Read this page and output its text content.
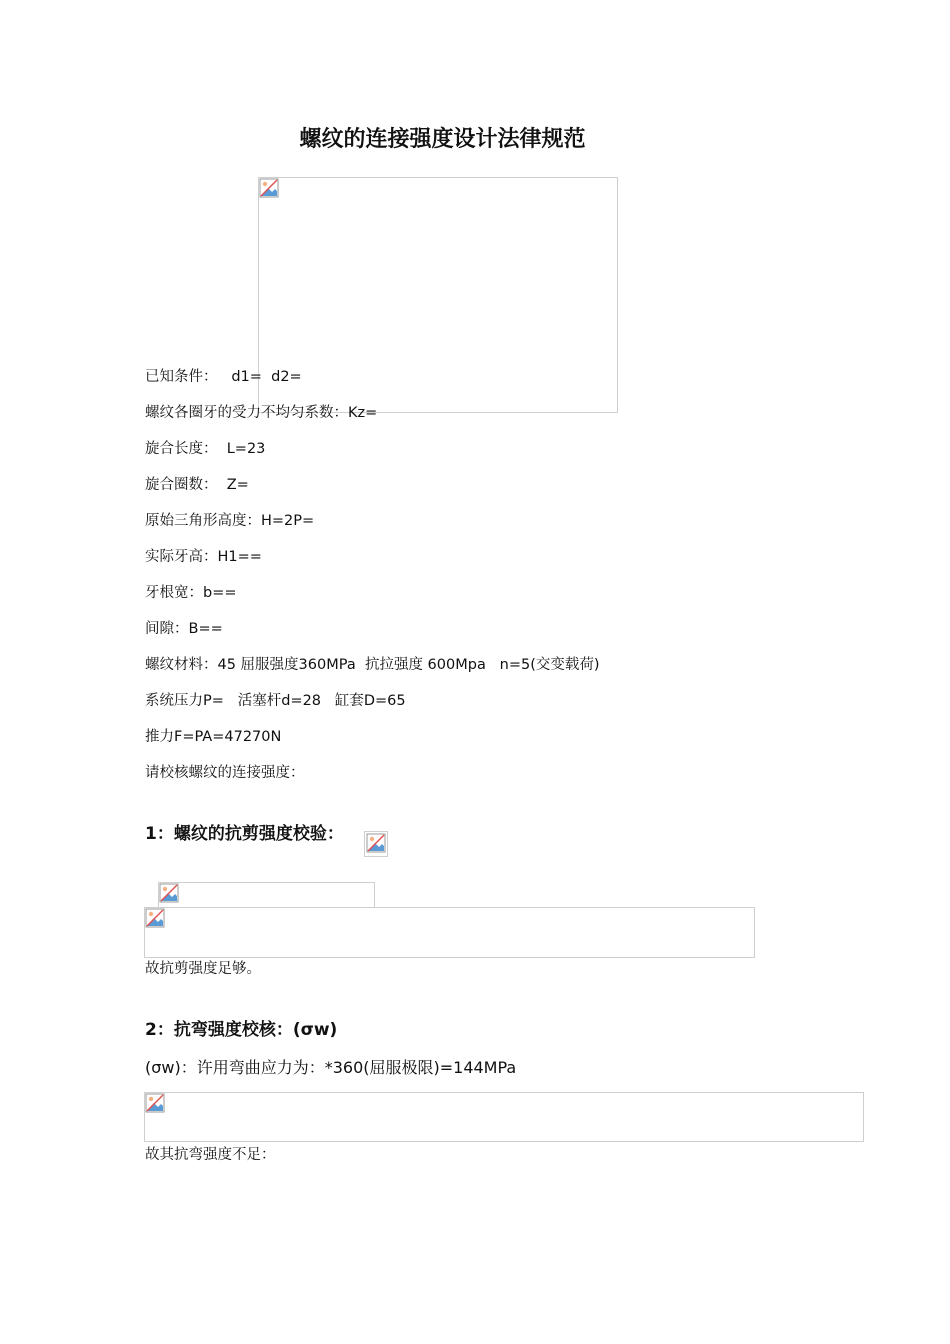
螺纹的连接强度设计法律规范
已知条件：   d1=  d2=
螺纹各圈牙的受力不均匀系数：Kz=
旋合长度：  L=23
旋合圈数：  Z=
原始三角形高度：H=2P=
实际牙高：H1==
牙根宽：b==
间隙：B==
螺纹材料：45 屈服强度360MPa  抗拉强度 600Mpa   n=5(交变载荷)
系统压力P=   活塞杆d=28   缸套D=65
推力F=PA=47270N
请校核螺纹的连接强度：
1：螺纹的抗剪强度校验：
故抗剪强度足够。
2：抗弯强度校核：(σw)
(σw)：许用弯曲应力为：*360(屈服极限)=144MPa
故其抗弯强度不足：
